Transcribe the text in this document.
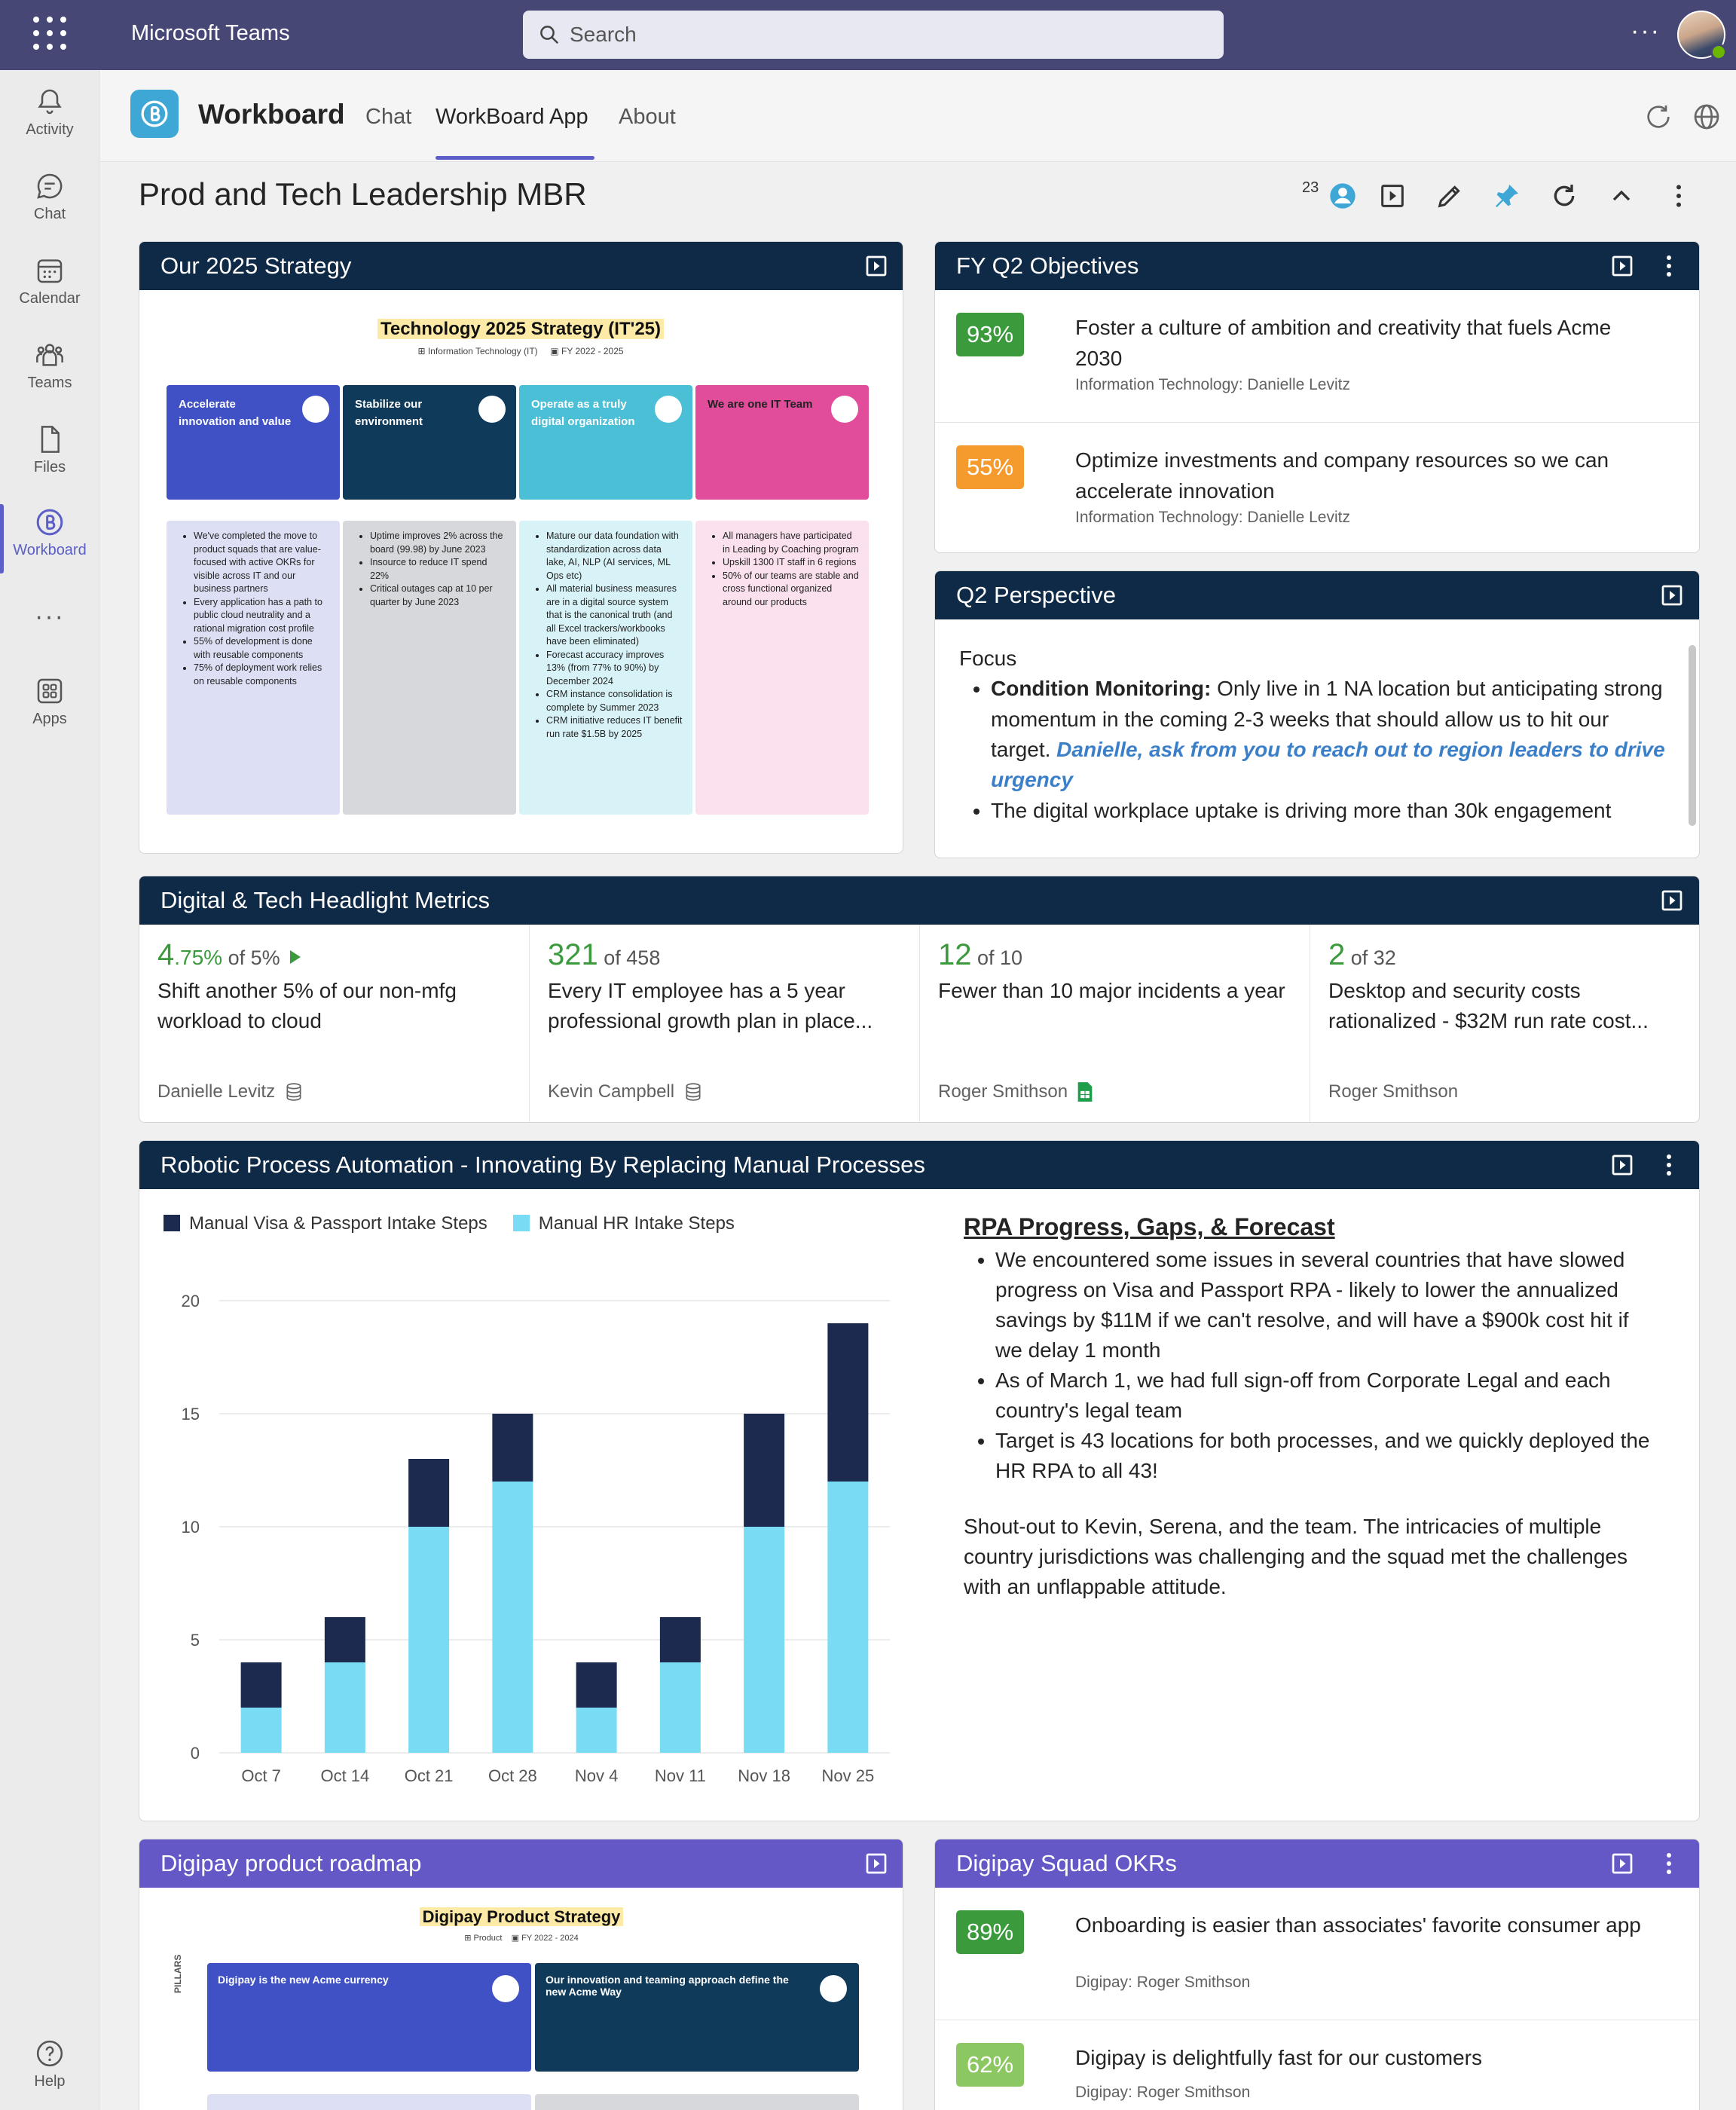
Microsoft Teams
Search	···
Activity
Chat
Calendar
Teams
Files
Workboard
···
Apps
Help
Workboard Chat WorkBoard App About
Prod and Tech Leadership MBR	23
Our 2025 Strategy
Technology 2025 Strategy (IT'25)
⊞ Information Technology (IT)     ▣ FY 2022 - 2025
Accelerate innovation and value
Stabilize our environment
Operate as a truly digital organization
We are one IT Team
• We've completed the move to product squads that are value-focused with active OKRs for visible across IT and our business partners
• Every application has a path to public cloud neutrality and a rational migration cost profile
• 55% of development is done with reusable components
• 75% of deployment work relies on reusable components
• Uptime improves 2% across the board (99.98) by June 2023
• Insource to reduce IT spend 22%
• Critical outages cap at 10 per quarter by June 2023
• Mature our data foundation with standardization across data lake, AI, NLP (AI services, ML Ops etc)
• All material business measures are in a digital source system that is the canonical truth (and all Excel trackers/workbooks have been eliminated)
• Forecast accuracy improves 13% (from 77% to 90%) by December 2024
• CRM instance consolidation is complete by Summer 2023
• CRM initiative reduces IT benefit run rate $1.5B by 2025
• All managers have participated in Leading by Coaching program
• Upskill 1300 IT staff in 6 regions
• 50% of our teams are stable and cross functional organized around our products
FY Q2 Objectives
93%	Foster a culture of ambition and creativity that fuels Acme 2030
Information Technology: Danielle Levitz
55%	Optimize investments and company resources so we can accelerate innovation
Information Technology: Danielle Levitz
Q2 Perspective
Focus
• Condition Monitoring: Only live in 1 NA location but anticipating strong momentum in the coming 2-3 weeks that should allow us to hit our target. Danielle, ask from you to reach out to region leaders to drive urgency
• The digital workplace uptake is driving more than 30k engagement
Digital & Tech Headlight Metrics
4.75% of 5%
Shift another 5% of our non-mfg workload to cloud
Danielle Levitz
321 of 458
Every IT employee has a 5 year professional growth plan in place...
Kevin Campbell
12 of 10
Fewer than 10 major incidents a year
Roger Smithson
2 of 32
Desktop and security costs rationalized - $32M run rate cost...
Roger Smithson
Robotic Process Automation - Innovating By Replacing Manual Processes
Manual Visa & Passport Intake Steps	Manual HR Intake Steps
0
5
10
15
20
Oct 7 Oct 14 Oct 21 Oct 28 Nov 4 Nov 11 Nov 18 Nov 25
RPA Progress, Gaps, & Forecast
• We encountered some issues in several countries that have slowed progress on Visa and Passport RPA - likely to lower the annualized savings by $11M if we can't resolve, and will have a $900k cost hit if we delay 1 month
• As of March 1, we had full sign-off from Corporate Legal and each country's legal team
• Target is 43 locations for both processes, and we quickly deployed the HR RPA to all 43!

Shout-out to Kevin, Serena, and the team. The intricacies of multiple country jurisdictions was challenging and the squad met the challenges with an unflappable attitude.

Digipay product roadmap
Digipay Product Strategy
⊞ Product    ▣ FY 2022 - 2024
PILLARS	Digipay is the new Acme currency	Our innovation and teaming approach define the new Acme Way
Digipay Squad OKRs
89%	Onboarding is easier than associates' favorite consumer app
Digipay: Roger Smithson
62%	Digipay is delightfully fast for our customers
Digipay: Roger Smithson
